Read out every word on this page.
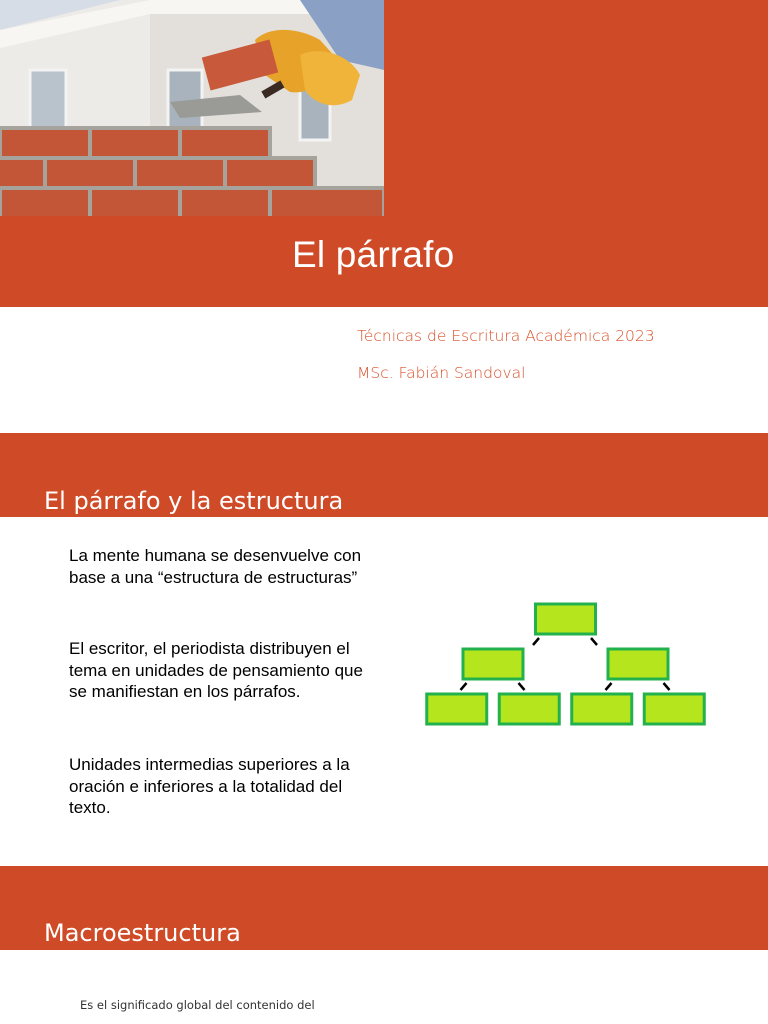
El párrafo
Técnicas de Escritura Académica 2023
MSc. Fabián Sandoval
El párrafo y la estructura

La mente humana se desenvuelve con base a una “estructura de estructuras”

El escritor, el periodista distribuyen el tema en unidades de pensamiento que se manifiestan en los párrafos.

Unidades intermedias superiores a la oración e inferiores a la totalidad del texto.

Macroestructura
Es el significado global del contenido del
